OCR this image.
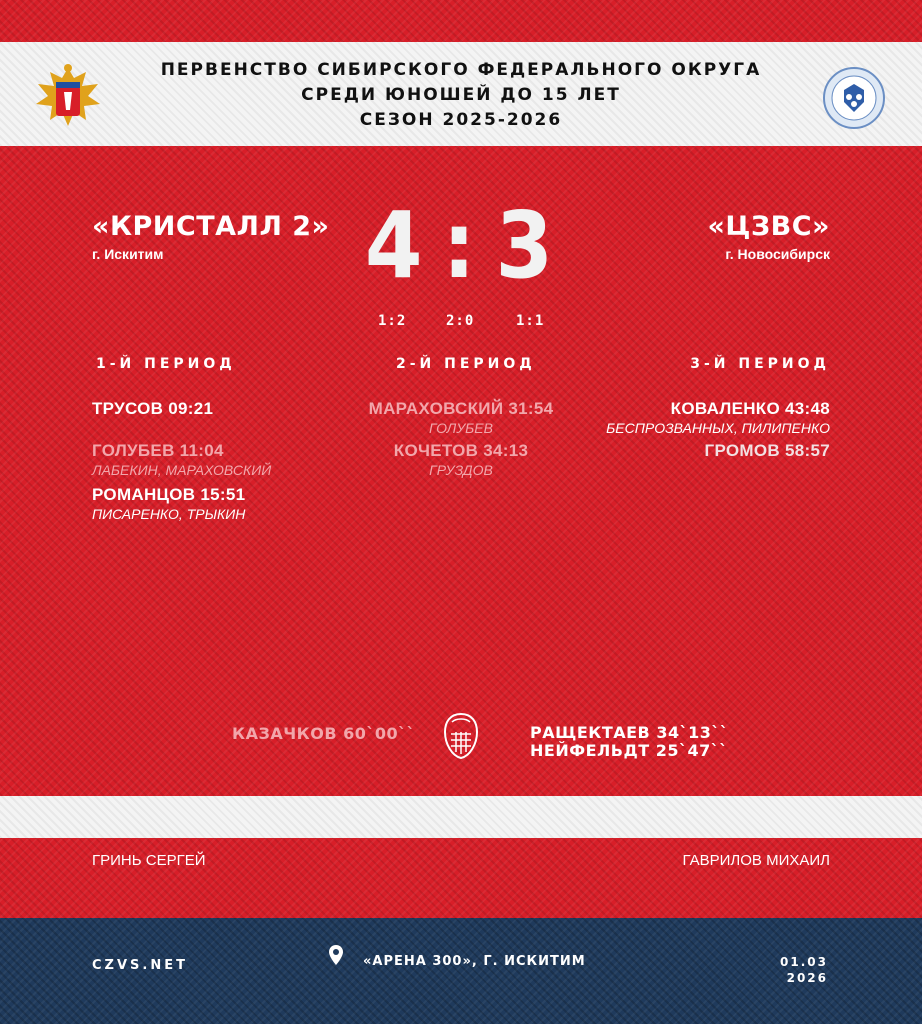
ПЕРВЕНСТВО СИБИРСКОГО ФЕДЕРАЛЬНОГО ОКРУГА
СРЕДИ ЮНОШЕЙ ДО 15 ЛЕТ
СЕЗОН 2025-2026
«КРИСТАЛЛ 2»
г. Искитим
«ЦЗВС»
г. Новосибирск
4 : 3
1:2	2:0	1:1
1-Й ПЕРИОД	2-Й ПЕРИОД	3-Й ПЕРИОД
ТРУСОВ 09:21
ГОЛУБЕВ 11:04
ЛАБЕКИН, МАРАХОВСКИЙ
РОМАНЦОВ 15:51
ПИСАРЕНКО, ТРЫКИН
МАРАХОВСКИЙ 31:54
ГОЛУБЕВ
КОЧЕТОВ 34:13
ГРУЗДОВ
КОВАЛЕНКО 43:48
БЕСПРОЗВАННЫХ, ПИЛИПЕНКО
ГРОМОВ 58:57
КАЗАЧКОВ 60`00``	РАЩЕКТАЕВ 34`13``
НЕЙФЕЛЬДТ 25`47``
ГРИНЬ СЕРГЕЙ	ГАВРИЛОВ МИХАИЛ
CZVS.NET	«АРЕНА 300», Г. ИСКИТИМ	01.03
2026
